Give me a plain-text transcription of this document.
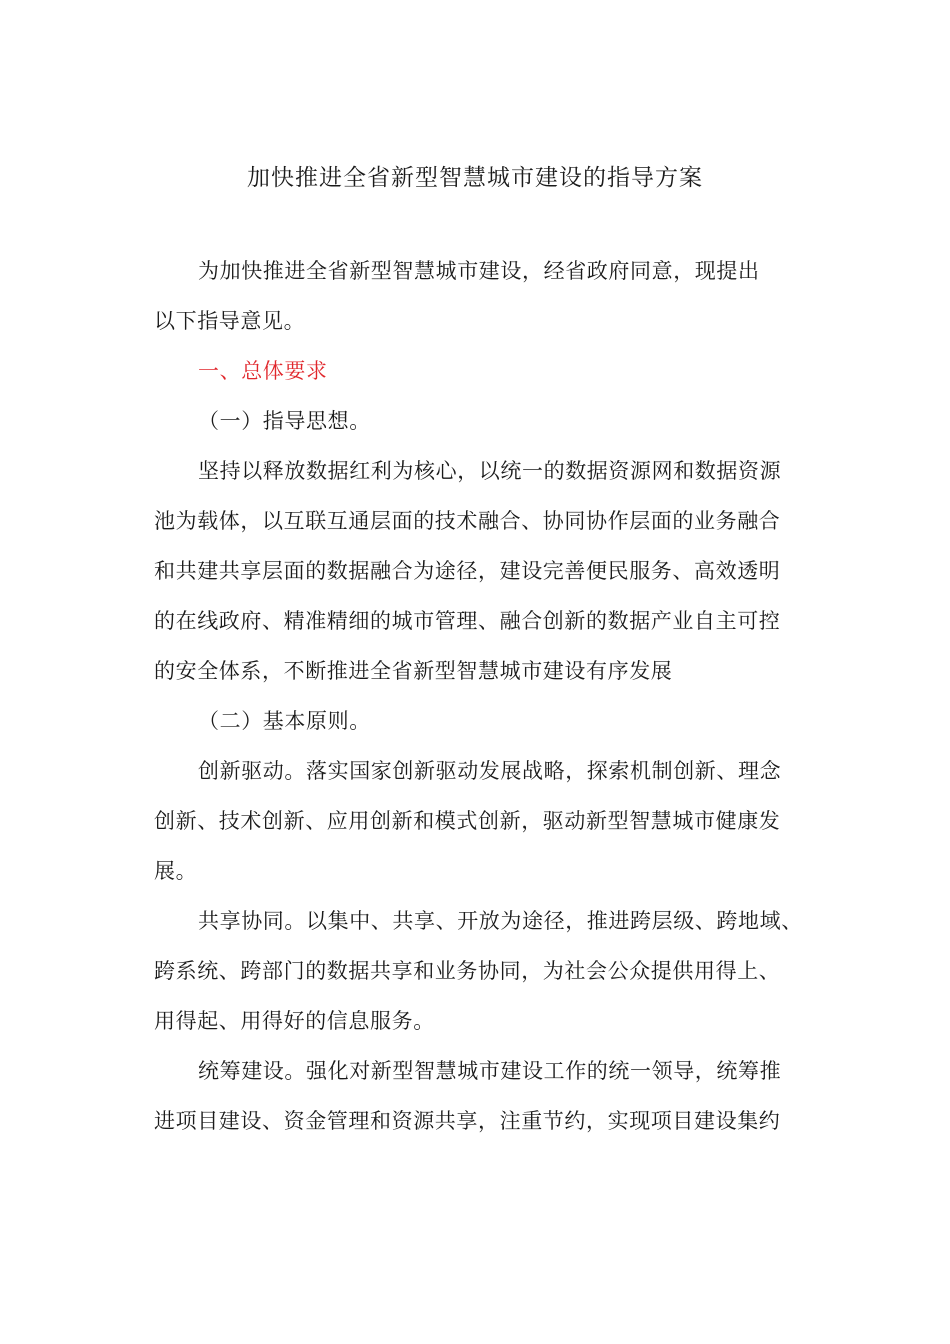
加快推进全省新型智慧城市建设的指导方案
为加快推进全省新型智慧城市建设，经省政府同意，现提出
以下指导意见。
一、总体要求
（一）指导思想。
坚持以释放数据红利为核心，以统一的数据资源网和数据资源
池为载体，以互联互通层面的技术融合、协同协作层面的业务融合
和共建共享层面的数据融合为途径，建设完善便民服务、高效透明
的在线政府、精准精细的城市管理、融合创新的数据产业自主可控
的安全体系，不断推进全省新型智慧城市建设有序发展
（二）基本原则。
创新驱动。落实国家创新驱动发展战略，探索机制创新、理念
创新、技术创新、应用创新和模式创新，驱动新型智慧城市健康发
展。
共享协同。以集中、共享、开放为途径，推进跨层级、跨地域、
跨系统、跨部门的数据共享和业务协同，为社会公众提供用得上、
用得起、用得好的信息服务。
统筹建设。强化对新型智慧城市建设工作的统一领导，统筹推
进项目建设、资金管理和资源共享，注重节约，实现项目建设集约
